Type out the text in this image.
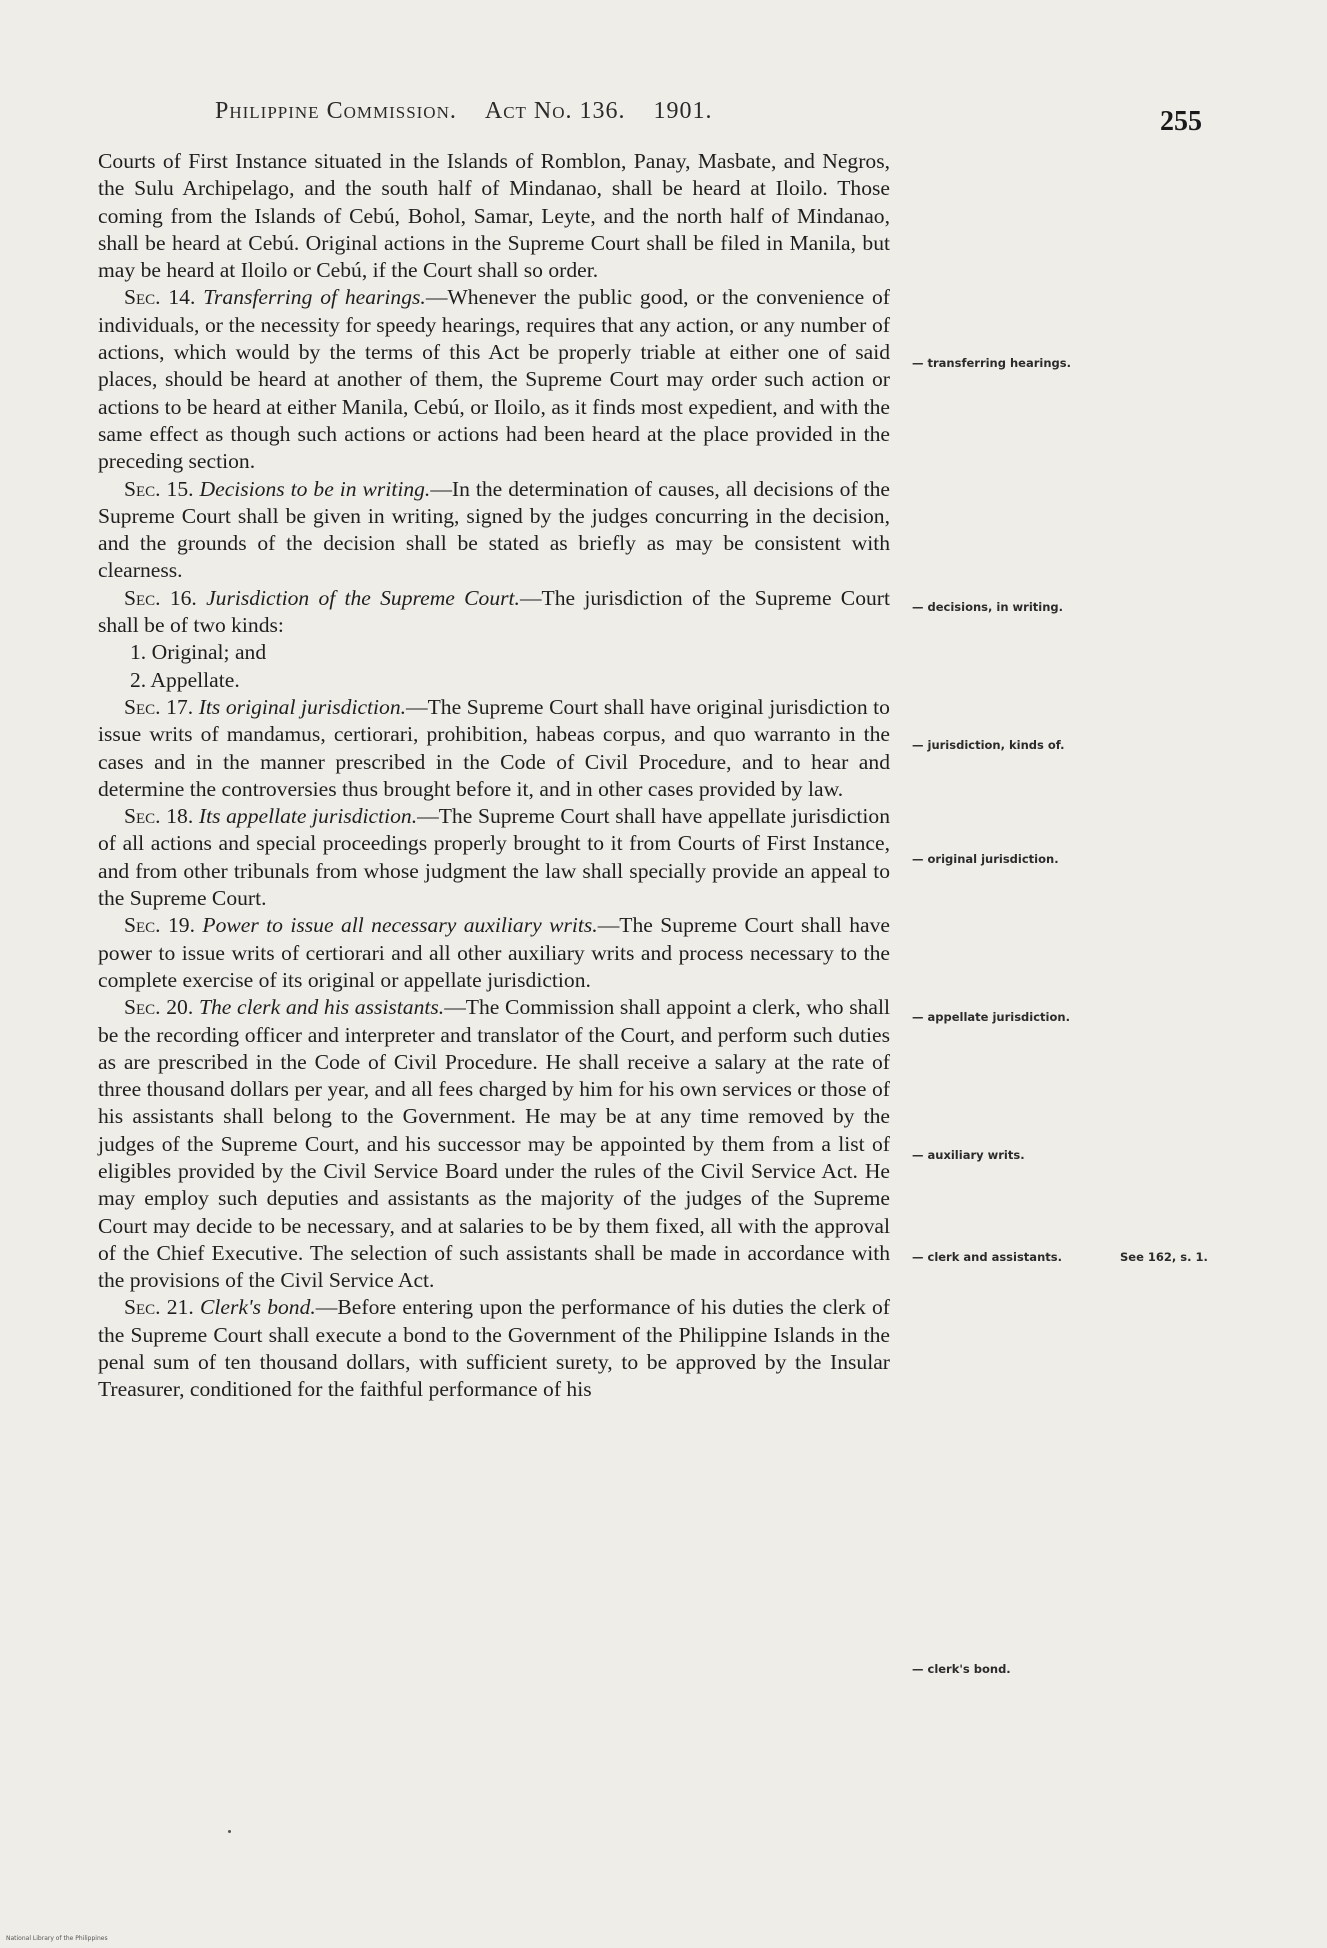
Philippine Commission. Act No. 136. 1901.	255

Courts of First Instance situated in the Islands of Romblon, Panay, Masbate, and Negros, the Sulu Archipelago, and the south half of Mindanao, shall be heard at Iloilo. Those coming from the Islands of Cebú, Bohol, Samar, Leyte, and the north half of Mindanao, shall be heard at Cebú. Original actions in the Supreme Court shall be filed in Manila, but may be heard at Iloilo or Cebú, if the Court shall so order.

Sec. 14. Transferring of hearings.—Whenever the public good, or the convenience of individuals, or the necessity for speedy hearings, requires that any action, or any number of actions, which would by the terms of this Act be properly triable at either one of said places, should be heard at another of them, the Supreme Court may order such action or actions to be heard at either Manila, Cebú, or Iloilo, as it finds most expedient, and with the same effect as though such actions or actions had been heard at the place provided in the preceding section.

Sec. 15. Decisions to be in writing.—In the determination of causes, all decisions of the Supreme Court shall be given in writing, signed by the judges concurring in the decision, and the grounds of the decision shall be stated as briefly as may be consistent with clearness.

Sec. 16. Jurisdiction of the Supreme Court.—The jurisdiction of the Supreme Court shall be of two kinds:

1. Original; and

2. Appellate.

Sec. 17. Its original jurisdiction.—The Supreme Court shall have original jurisdiction to issue writs of mandamus, certiorari, prohibition, habeas corpus, and quo warranto in the cases and in the manner prescribed in the Code of Civil Procedure, and to hear and determine the controversies thus brought before it, and in other cases provided by law.

Sec. 18. Its appellate jurisdiction.—The Supreme Court shall have appellate jurisdiction of all actions and special proceedings properly brought to it from Courts of First Instance, and from other tribunals from whose judgment the law shall specially provide an appeal to the Supreme Court.

Sec. 19. Power to issue all necessary auxiliary writs.—The Supreme Court shall have power to issue writs of certiorari and all other auxiliary writs and process necessary to the complete exercise of its original or appellate jurisdiction.

Sec. 20. The clerk and his assistants.—The Commission shall appoint a clerk, who shall be the recording officer and interpreter and translator of the Court, and perform such duties as are prescribed in the Code of Civil Procedure. He shall receive a salary at the rate of three thousand dollars per year, and all fees charged by him for his own services or those of his assistants shall belong to the Government. He may be at any time removed by the judges of the Supreme Court, and his successor may be appointed by them from a list of eligibles provided by the Civil Service Board under the rules of the Civil Service Act. He may employ such deputies and assistants as the majority of the judges of the Supreme Court may decide to be necessary, and at salaries to be by them fixed, all with the approval of the Chief Executive. The selection of such assistants shall be made in accordance with the provisions of the Civil Service Act.

Sec. 21. Clerk's bond.—Before entering upon the performance of his duties the clerk of the Supreme Court shall execute a bond to the Government of the Philippine Islands in the penal sum of ten thousand dollars, with sufficient surety, to be approved by the Insular Treasurer, conditioned for the faithful performance of his

— transferring hearings.
— decisions, in writing.
— jurisdiction, kinds of.
— original jurisdiction.
— appellate jurisdiction.
— auxiliary writs.
— clerk and assistants.
— clerk's bond.
See 162, s. 1.
National Library of the Philippines
